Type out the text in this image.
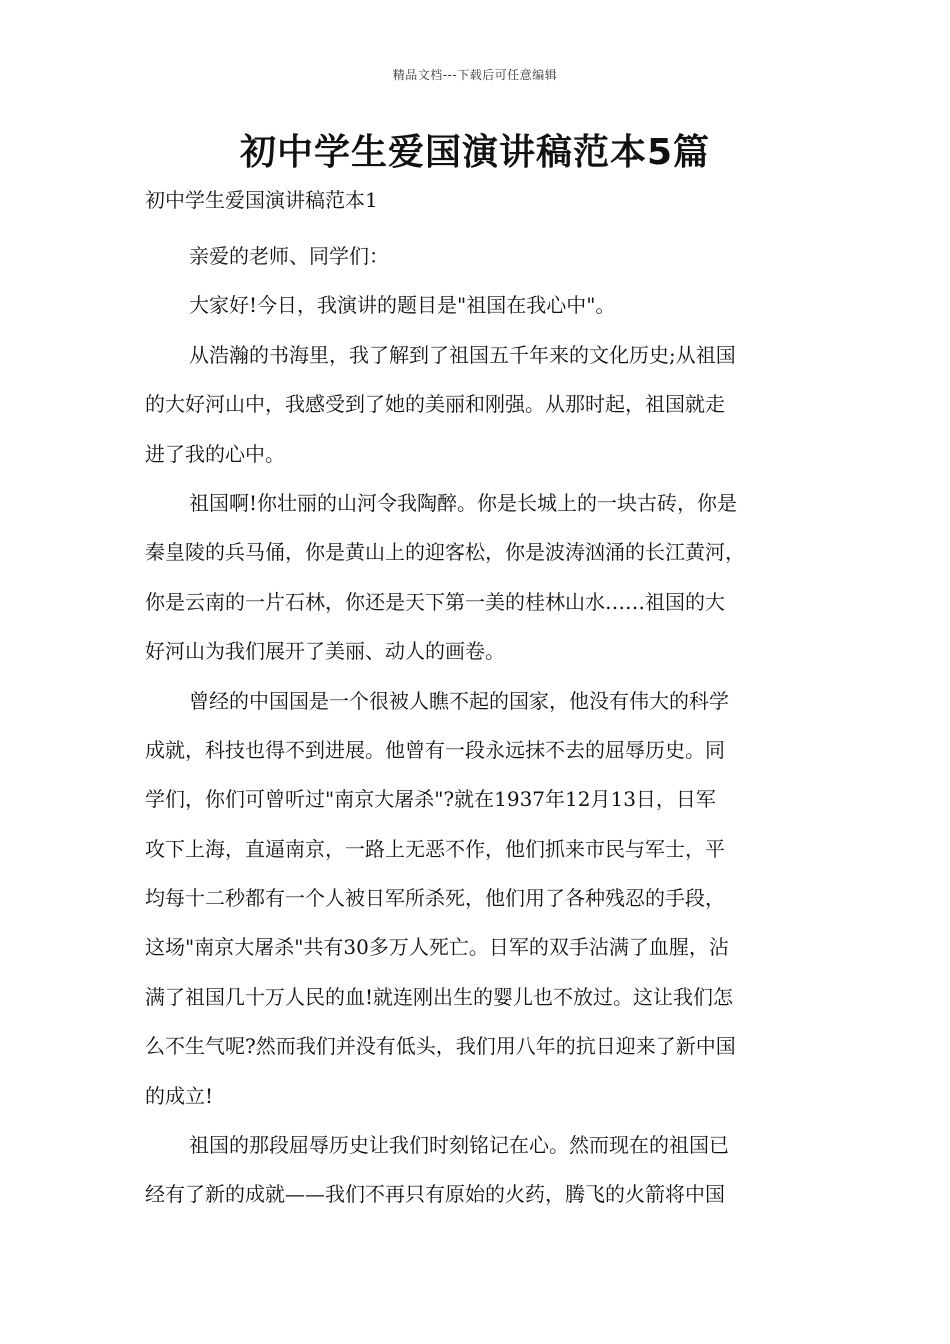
精品文档---下载后可任意编辑
初中学生爱国演讲稿范本5篇
初中学生爱国演讲稿范本1

亲爱的老师、同学们：

大家好!今日，我演讲的题目是"祖国在我心中"。

从浩瀚的书海里，我了解到了祖国五千年来的文化历史;从祖国
的大好河山中，我感受到了她的美丽和刚强。从那时起，祖国就走
进了我的心中。

祖国啊!你壮丽的山河令我陶醉。你是长城上的一块古砖，你是
秦皇陵的兵马俑，你是黄山上的迎客松，你是波涛汹涌的长江黄河，
你是云南的一片石林，你还是天下第一美的桂林山水……祖国的大
好河山为我们展开了美丽、动人的画卷。

曾经的中国国是一个很被人瞧不起的国家，他没有伟大的科学
成就，科技也得不到进展。他曾有一段永远抹不去的屈辱历史。同
学们，你们可曾听过"南京大屠杀"?就在1937年12月13日，日军
攻下上海，直逼南京，一路上无恶不作，他们抓来市民与军士，平
均每十二秒都有一个人被日军所杀死，他们用了各种残忍的手段，
这场"南京大屠杀"共有30多万人死亡。日军的双手沾满了血腥，沾
满了祖国几十万人民的血!就连刚出生的婴儿也不放过。这让我们怎
么不生气呢?然而我们并没有低头，我们用八年的抗日迎来了新中国
的成立!

祖国的那段屈辱历史让我们时刻铭记在心。然而现在的祖国已
经有了新的成就——我们不再只有原始的火药，腾飞的火箭将中国
